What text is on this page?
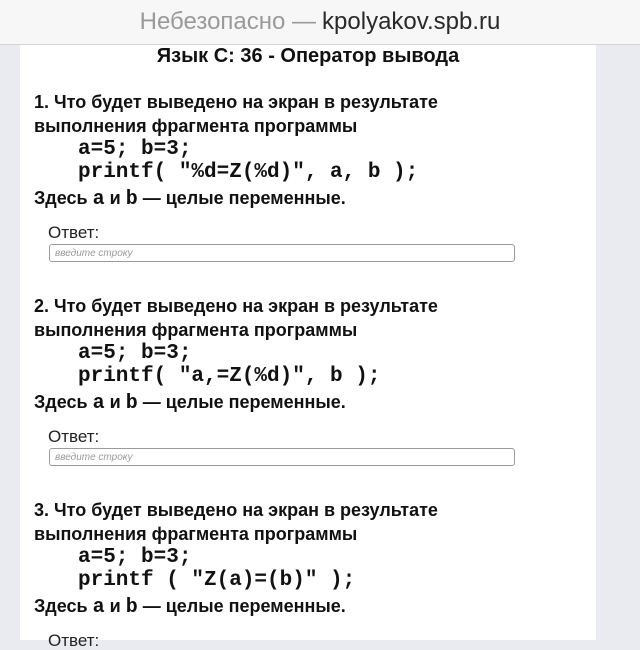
Небезопасно — kpolyakov.spb.ru
Язык С: 36 - Оператор вывода

1. Что будет выведено на экран в результате
выполнения фрагмента программы

a=5; b=3;
printf( "%d=Z(%d)", a, b );
Здесь a и b — целые переменные.
Ответ:
введите строку

2. Что будет выведено на экран в результате
выполнения фрагмента программы

a=5; b=3;
printf( "a,=Z(%d)", b );
Здесь a и b — целые переменные.
Ответ:
введите строку

3. Что будет выведено на экран в результате
выполнения фрагмента программы

a=5; b=3;
printf ( "Z(a)=(b)" );
Здесь a и b — целые переменные.
Ответ:
